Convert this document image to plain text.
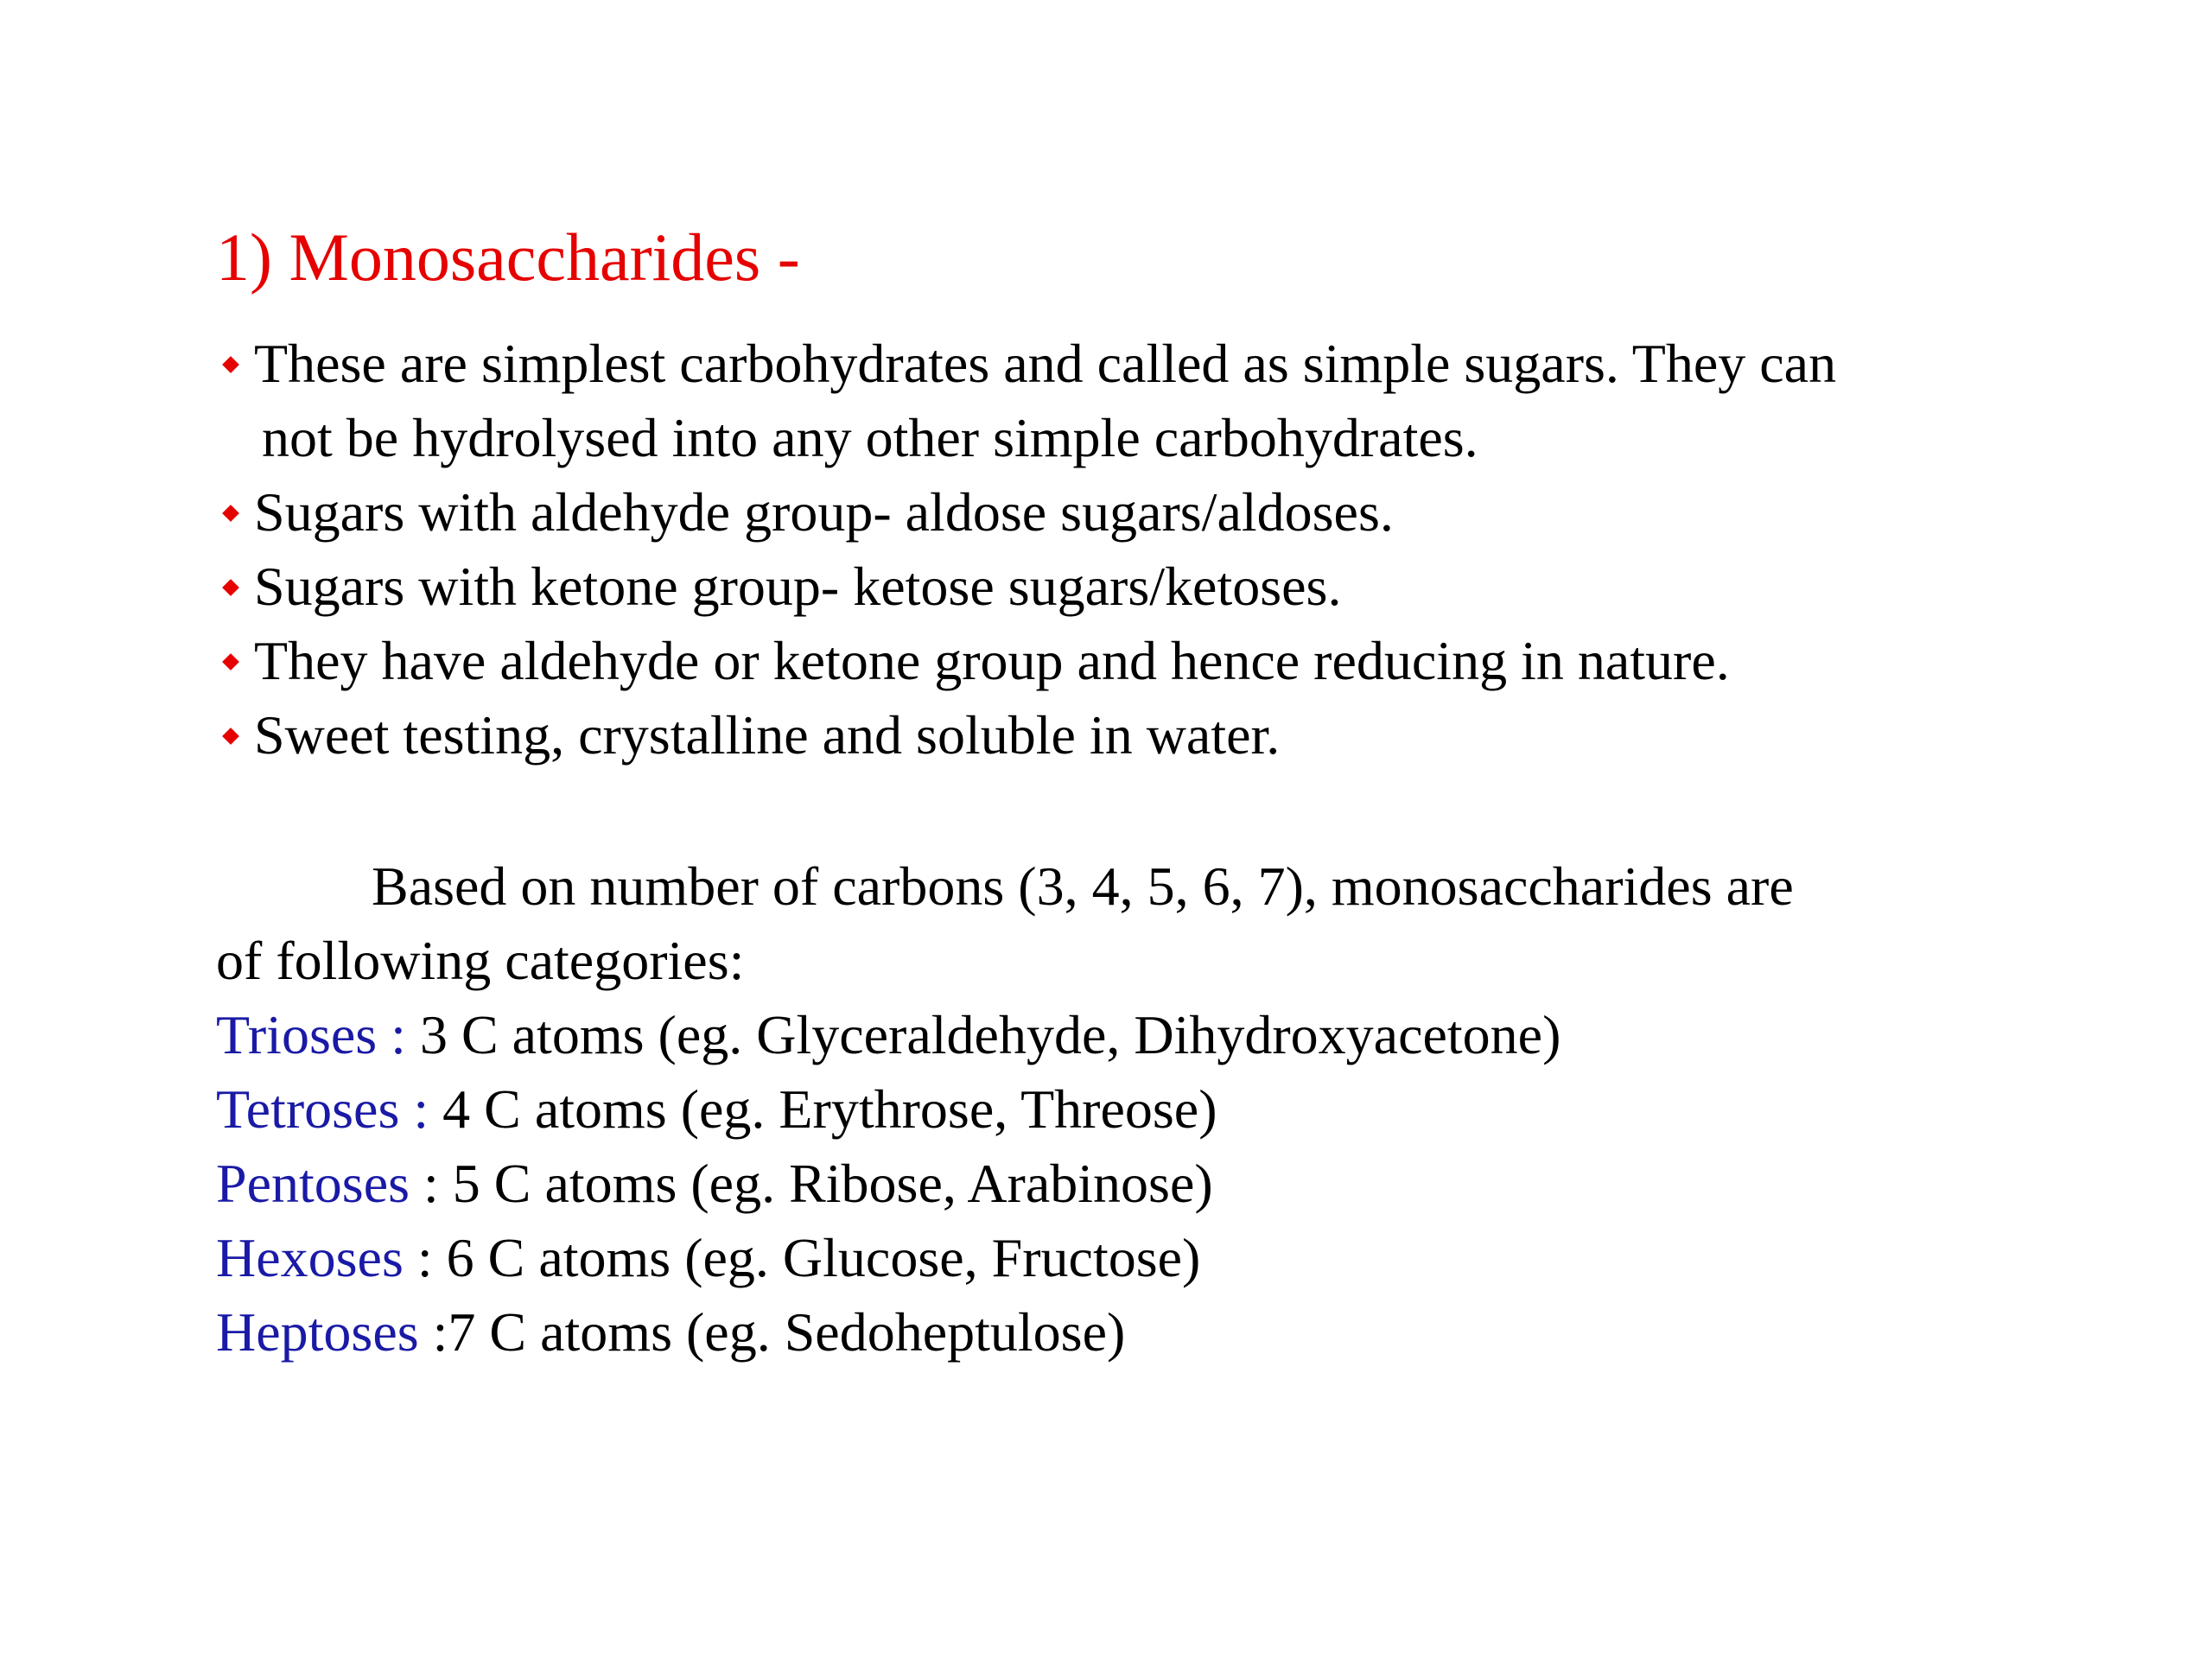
1) Monosaccharides -
These are simplest carbohydrates and called as simple sugars. They can
not be hydrolysed into any other simple carbohydrates.
Sugars with aldehyde group- aldose sugars/aldoses.
Sugars with ketone group- ketose sugars/ketoses.
They have aldehyde or ketone group and hence reducing in nature.
Sweet testing, crystalline and soluble in water.
Based on number of carbons (3, 4, 5, 6, 7), monosaccharides are
of following categories:
Trioses : 3 C atoms (eg. Glyceraldehyde, Dihydroxyacetone)
Tetroses : 4 C atoms (eg. Erythrose, Threose)
Pentoses : 5 C atoms (eg. Ribose, Arabinose)
Hexoses : 6 C atoms (eg. Glucose, Fructose)
Heptoses :7 C atoms (eg. Sedoheptulose)
